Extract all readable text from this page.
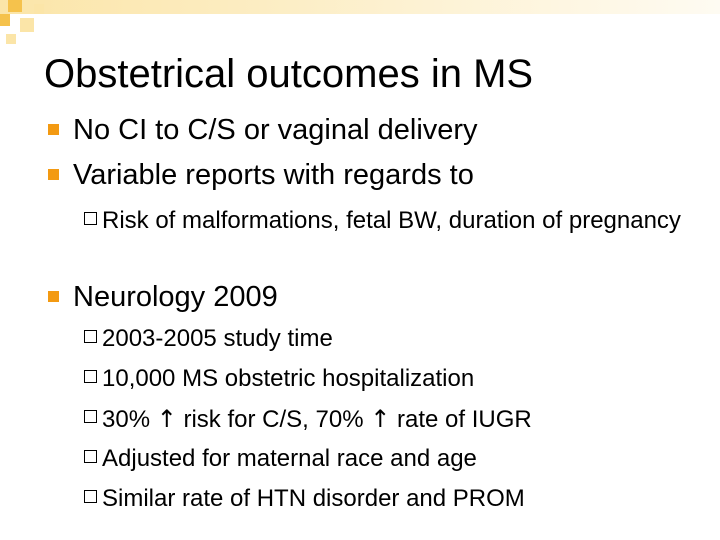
Obstetrical outcomes in MS
No CI to C/S or vaginal delivery
Variable reports with regards to
Risk of malformations, fetal BW, duration of pregnancy
Neurology 2009
2003-2005 study time
10,000 MS obstetric hospitalization
30% ↑ risk for C/S, 70% ↑ rate of IUGR
Adjusted for maternal race and age
Similar rate of HTN disorder and PROM
